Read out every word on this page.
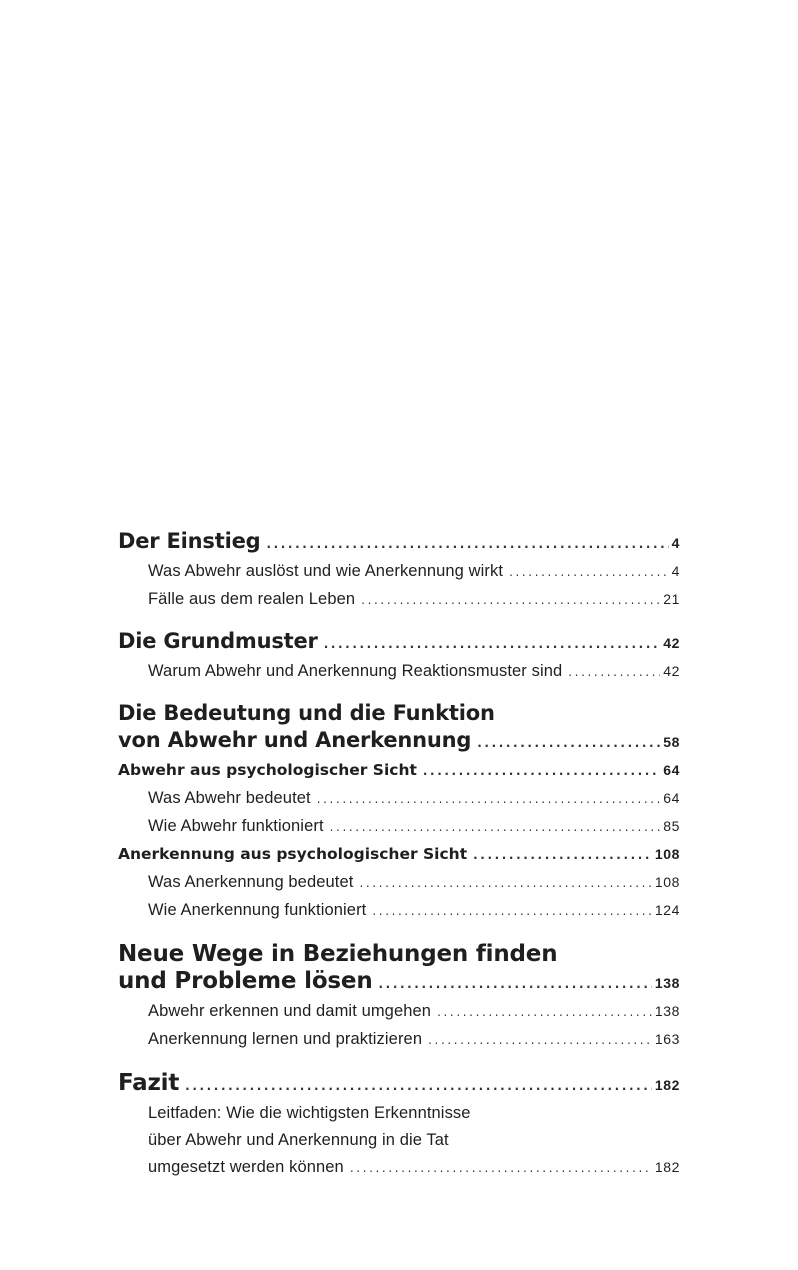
Der Einstieg .....	4
Was Abwehr auslöst und wie Anerkennung wirkt .....	4
Fälle aus dem realen Leben .....	21
Die Grundmuster .....	42
Warum Abwehr und Anerkennung Reaktionsmuster sind .....	42
Die Bedeutung und die Funktion
von Abwehr und Anerkennung .....	58
Abwehr aus psychologischer Sicht .....	64
Was Abwehr bedeutet .....	64
Wie Abwehr funktioniert .....	85
Anerkennung aus psychologischer Sicht .....	108
Was Anerkennung bedeutet .....	108
Wie Anerkennung funktioniert .....	124
Neue Wege in Beziehungen finden
und Probleme lösen .....	138
Abwehr erkennen und damit umgehen .....	138
Anerkennung lernen und praktizieren .....	163
Fazit .....	182
Leitfaden: Wie die wichtigsten Erkenntnisse
über Abwehr und Anerkennung in die Tat
umgesetzt werden können .....	182
